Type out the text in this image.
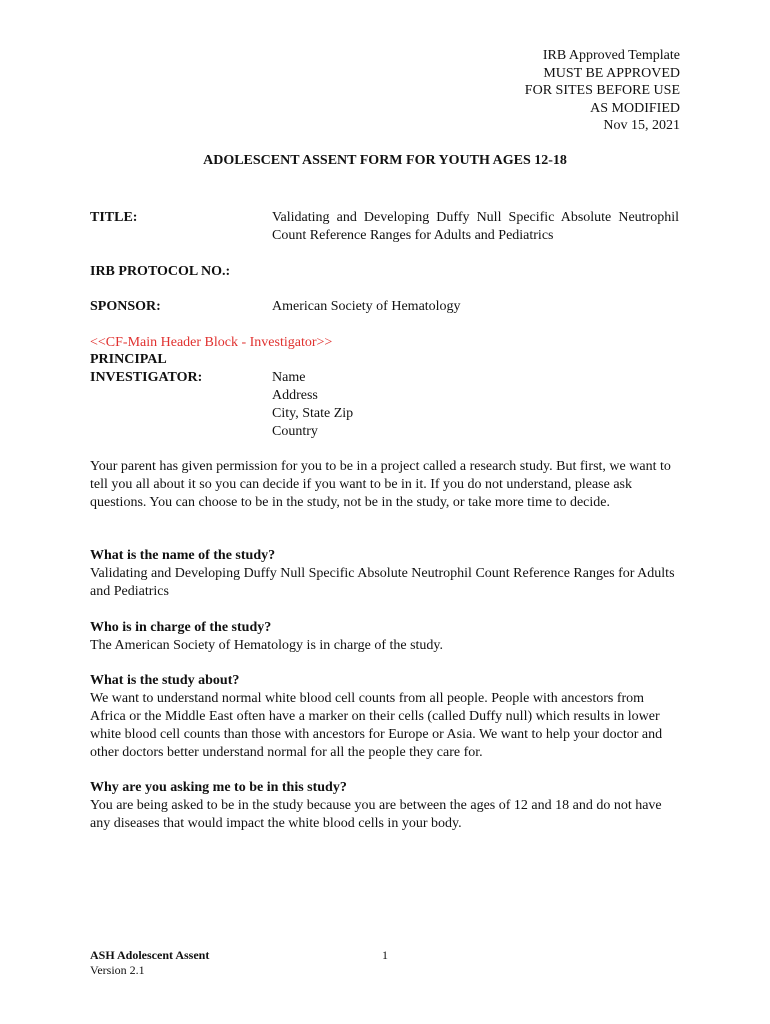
IRB Approved Template
MUST BE APPROVED
FOR SITES BEFORE USE
AS MODIFIED
Nov 15, 2021
ADOLESCENT ASSENT FORM FOR YOUTH AGES 12-18
TITLE:	Validating and Developing Duffy Null Specific Absolute Neutrophil Count Reference Ranges for Adults and Pediatrics
IRB PROTOCOL NO.:
SPONSOR:	American Society of Hematology
<<CF-Main Header Block - Investigator>>
PRINCIPAL
INVESTIGATOR:	Name
Address
City, State Zip
Country
Your parent has given permission for you to be in a project called a research study. But first, we want to tell you all about it so you can decide if you want to be in it. If you do not understand, please ask questions. You can choose to be in the study, not be in the study, or take more time to decide.
What is the name of the study?
Validating and Developing Duffy Null Specific Absolute Neutrophil Count Reference Ranges for Adults and Pediatrics
Who is in charge of the study?
The American Society of Hematology is in charge of the study.
What is the study about?
We want to understand normal white blood cell counts from all people. People with ancestors from Africa or the Middle East often have a marker on their cells (called Duffy null) which results in lower white blood cell counts than those with ancestors for Europe or Asia. We want to help your doctor and other doctors better understand normal for all the people they care for.
Why are you asking me to be in this study?
You are being asked to be in the study because you are between the ages of 12 and 18 and do not have any diseases that would impact the white blood cells in your body.
ASH Adolescent Assent
Version 2.1
1
